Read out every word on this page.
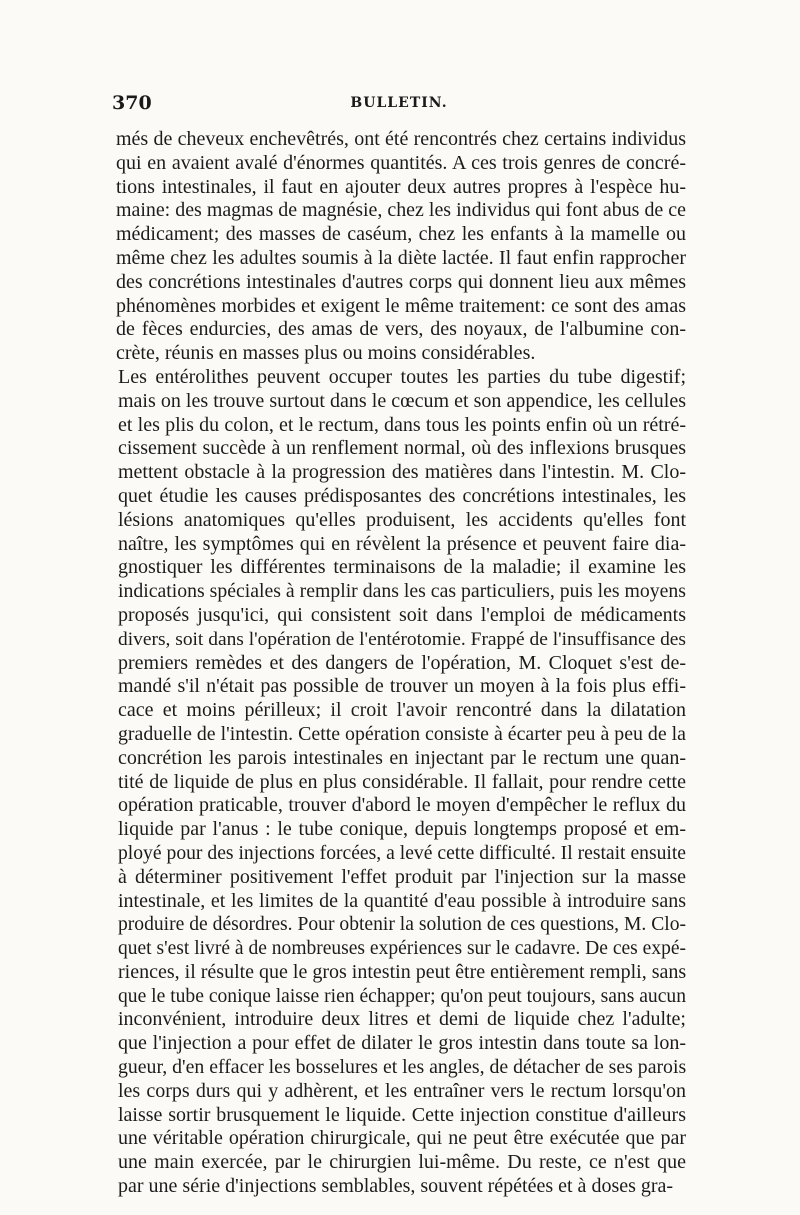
370	BULLETIN.
més de cheveux enchevêtrés, ont été rencontrés chez certains individus
qui en avaient avalé d'énormes quantités. A ces trois genres de concré-
tions intestinales, il faut en ajouter deux autres propres à l'espèce hu-
maine: des magmas de magnésie, chez les individus qui font abus de ce
médicament; des masses de caséum, chez les enfants à la mamelle ou
même chez les adultes soumis à la diète lactée. Il faut enfin rapprocher
des concrétions intestinales d'autres corps qui donnent lieu aux mêmes
phénomènes morbides et exigent le même traitement: ce sont des amas
de fèces endurcies, des amas de vers, des noyaux, de l'albumine con-
crète, réunis en masses plus ou moins considérables.
Les entérolithes peuvent occuper toutes les parties du tube digestif;
mais on les trouve surtout dans le cœcum et son appendice, les cellules
et les plis du colon, et le rectum, dans tous les points enfin où un rétré-
cissement succède à un renflement normal, où des inflexions brusques
mettent obstacle à la progression des matières dans l'intestin. M. Clo-
quet étudie les causes prédisposantes des concrétions intestinales, les
lésions anatomiques qu'elles produisent, les accidents qu'elles font
naître, les symptômes qui en révèlent la présence et peuvent faire dia-
gnostiquer les différentes terminaisons de la maladie; il examine les
indications spéciales à remplir dans les cas particuliers, puis les moyens
proposés jusqu'ici, qui consistent soit dans l'emploi de médicaments
divers, soit dans l'opération de l'entérotomie. Frappé de l'insuffisance des
premiers remèdes et des dangers de l'opération, M. Cloquet s'est de-
mandé s'il n'était pas possible de trouver un moyen à la fois plus effi-
cace et moins périlleux; il croit l'avoir rencontré dans la dilatation
graduelle de l'intestin. Cette opération consiste à écarter peu à peu de la
concrétion les parois intestinales en injectant par le rectum une quan-
tité de liquide de plus en plus considérable. Il fallait, pour rendre cette
opération praticable, trouver d'abord le moyen d'empêcher le reflux du
liquide par l'anus : le tube conique, depuis longtemps proposé et em-
ployé pour des injections forcées, a levé cette difficulté. Il restait ensuite
à déterminer positivement l'effet produit par l'injection sur la masse
intestinale, et les limites de la quantité d'eau possible à introduire sans
produire de désordres. Pour obtenir la solution de ces questions, M. Clo-
quet s'est livré à de nombreuses expériences sur le cadavre. De ces expé-
riences, il résulte que le gros intestin peut être entièrement rempli, sans
que le tube conique laisse rien échapper; qu'on peut toujours, sans aucun
inconvénient, introduire deux litres et demi de liquide chez l'adulte;
que l'injection a pour effet de dilater le gros intestin dans toute sa lon-
gueur, d'en effacer les bosselures et les angles, de détacher de ses parois
les corps durs qui y adhèrent, et les entraîner vers le rectum lorsqu'on
laisse sortir brusquement le liquide. Cette injection constitue d'ailleurs
une véritable opération chirurgicale, qui ne peut être exécutée que par
une main exercée, par le chirurgien lui-même. Du reste, ce n'est que
par une série d'injections semblables, souvent répétées et à doses gra-
